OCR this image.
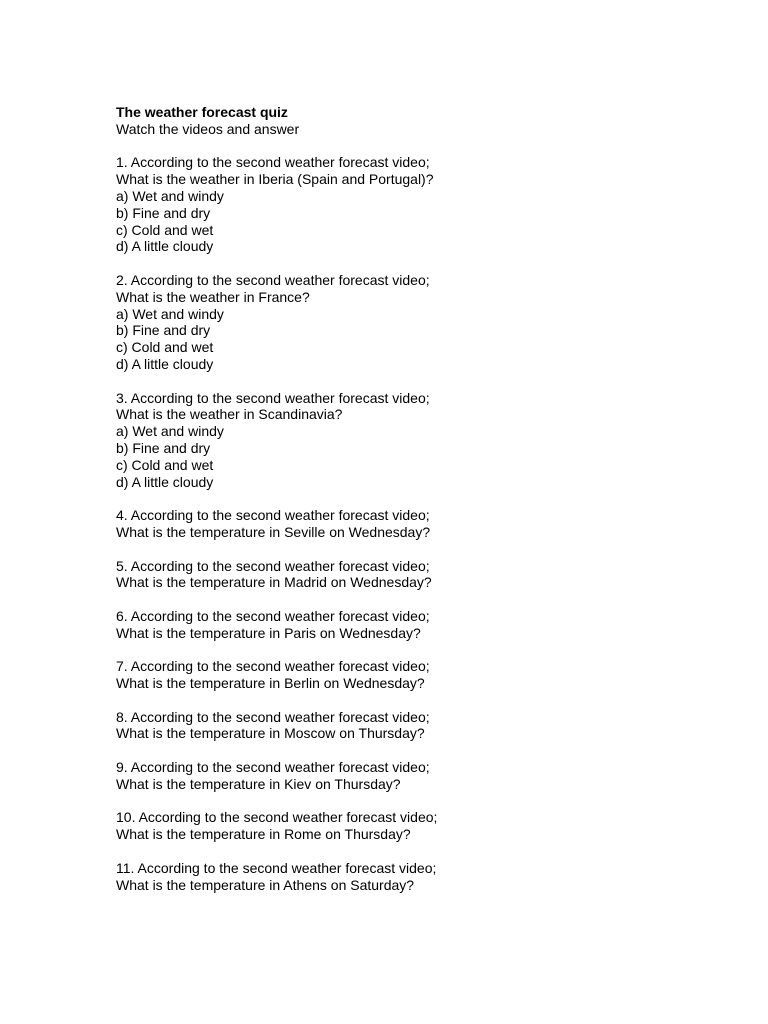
The weather forecast quiz
Watch the videos and answer
1. According to the second weather forecast video;
What is the weather in Iberia (Spain and Portugal)?
a) Wet and windy
b) Fine and dry
c) Cold and wet
d) A little cloudy
2. According to the second weather forecast video;
What is the weather in France?
a) Wet and windy
b) Fine and dry
c) Cold and wet
d) A little cloudy
3. According to the second weather forecast video;
What is the weather in Scandinavia?
a) Wet and windy
b) Fine and dry
c) Cold and wet
d) A little cloudy
4. According to the second weather forecast video;
What is the temperature in Seville on Wednesday?
5. According to the second weather forecast video;
What is the temperature in Madrid on Wednesday?
6. According to the second weather forecast video;
What is the temperature in Paris on Wednesday?
7. According to the second weather forecast video;
What is the temperature in Berlin on Wednesday?
8. According to the second weather forecast video;
What is the temperature in Moscow on Thursday?
9. According to the second weather forecast video;
What is the temperature in Kiev on Thursday?
10. According to the second weather forecast video;
What is the temperature in Rome on Thursday?
11. According to the second weather forecast video;
What is the temperature in Athens on Saturday?
